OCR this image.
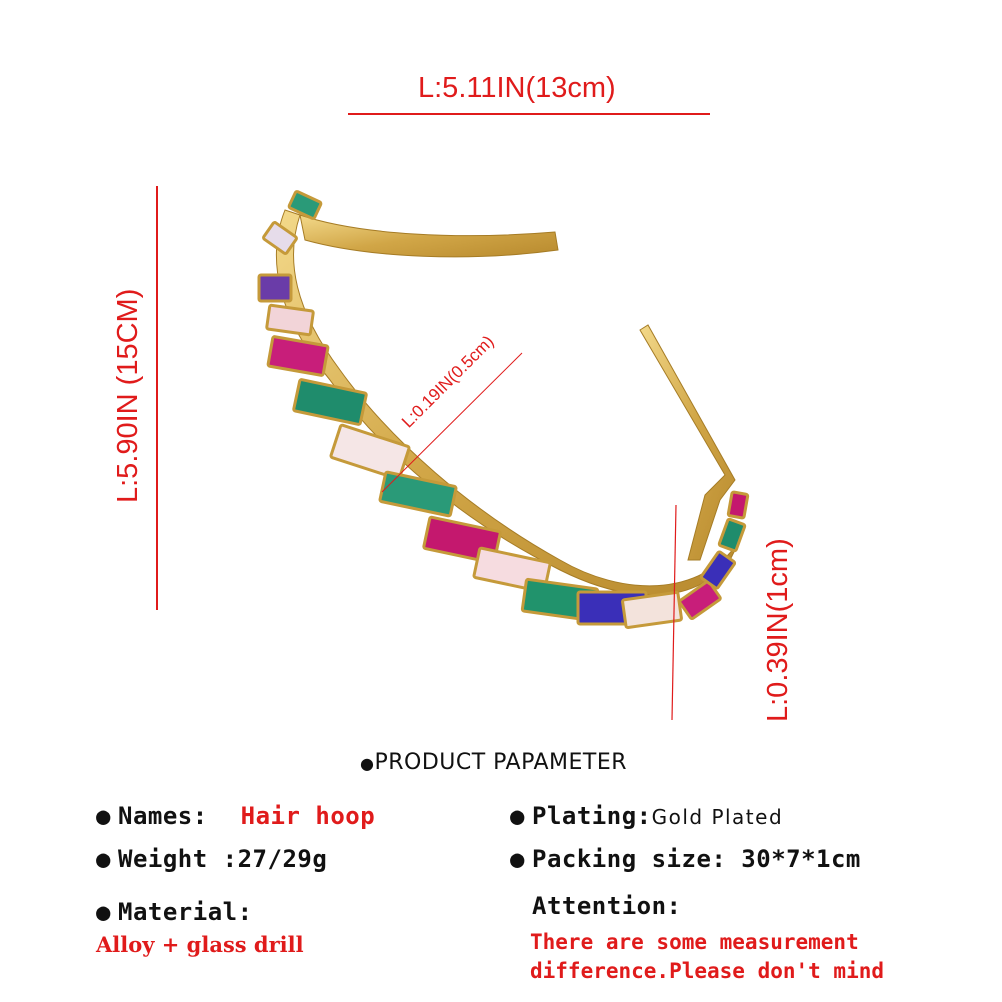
L:5.11IN(13cm)
L:5.90IN (15CM)	L:0.19IN(0.5cm)
L:0.39IN(1cm)
●PRODUCT PAPAMETER
● Names: Hair hoop
● Weight :27/29g
● Material:
Alloy + glass drill
● Plating:Gold Plated
● Packing size: 30*7*1cm
Attention:
There are some measurement
difference.Please don't mind
